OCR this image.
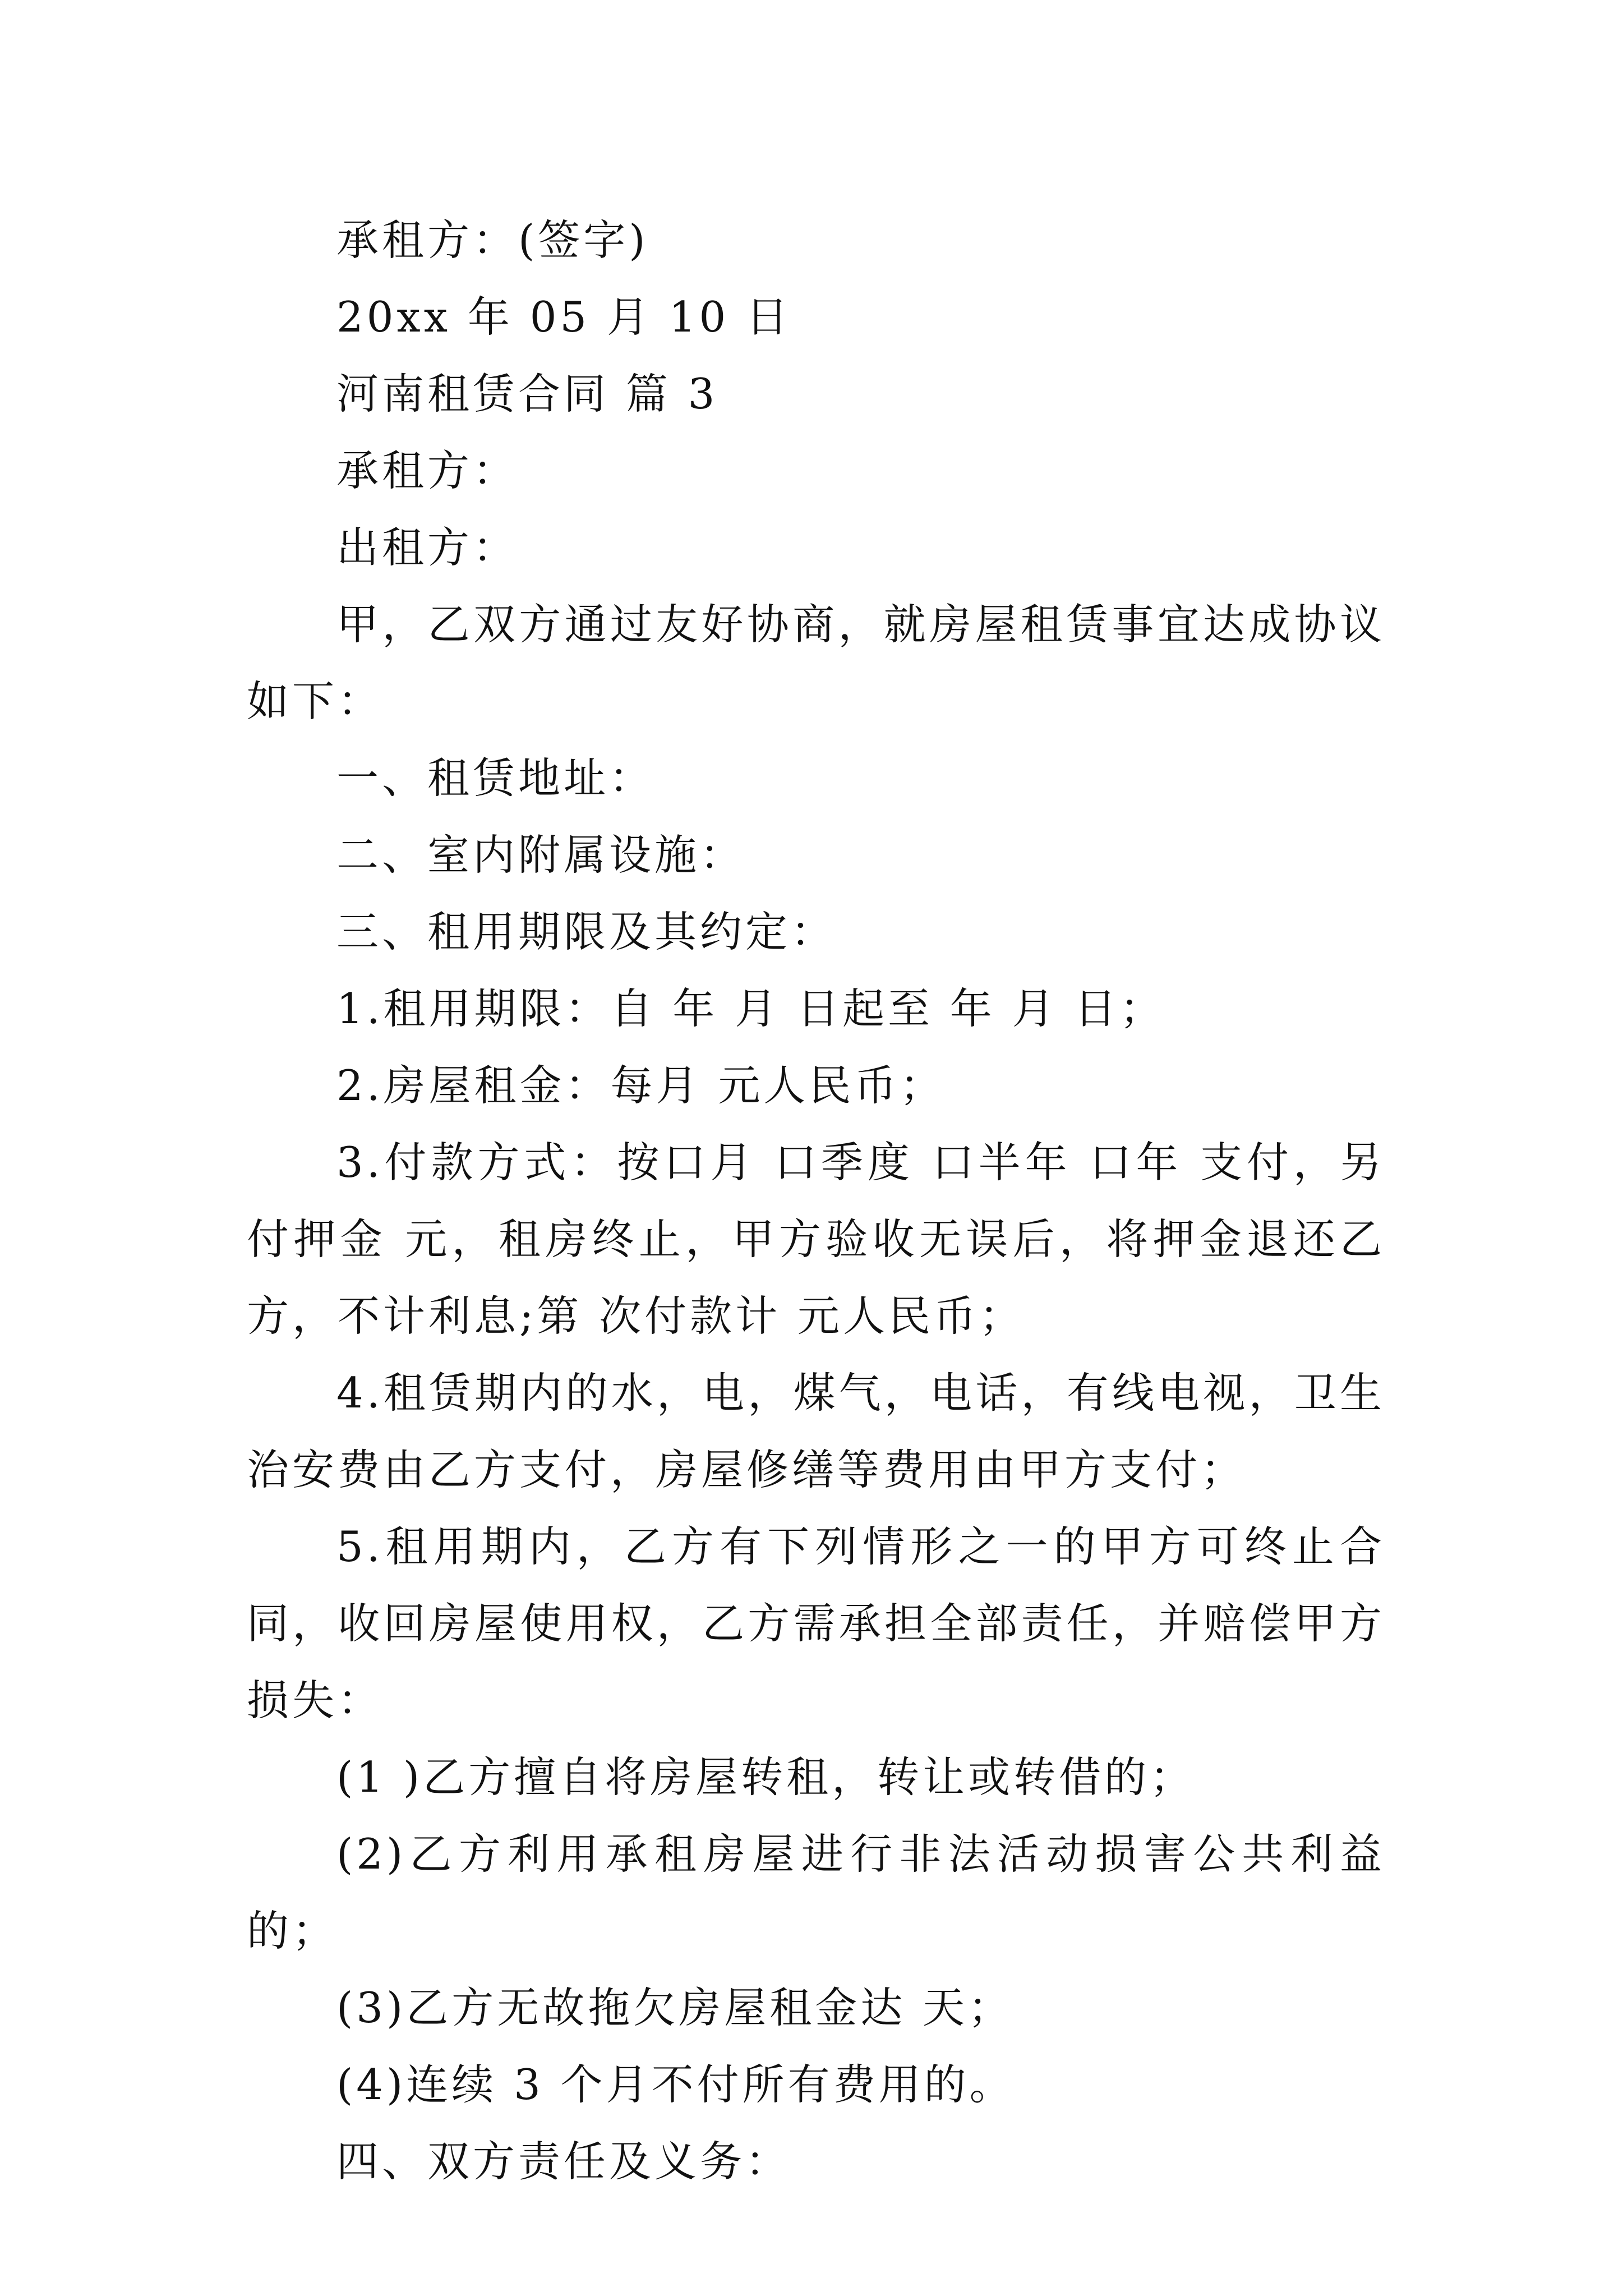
承租方：(签字)

20xx 年 05 月 10 日

河南租赁合同 篇 3

承租方：

出租方：

甲，乙双方通过友好协商，就房屋租赁事宜达成协议如下：

一、租赁地址：

二、室内附属设施：

三、租用期限及其约定：

1.租用期限：自 年 月 日起至 年 月 日；

2.房屋租金：每月 元人民币；

3.付款方式：按口月 口季度 口半年 口年 支付，另付押金 元，租房终止，甲方验收无误后，将押金退还乙方，不计利息;第 次付款计 元人民币；

4.租赁期内的水，电，煤气，电话，有线电视，卫生治安费由乙方支付，房屋修缮等费用由甲方支付；

5.租用期内，乙方有下列情形之一的甲方可终止合同，收回房屋使用权，乙方需承担全部责任，并赔偿甲方损失：

(1 )乙方擅自将房屋转租，转让或转借的；

(2)乙方利用承租房屋进行非法活动损害公共利益的；

(3)乙方无故拖欠房屋租金达 天；

(4)连续 3 个月不付所有费用的。

四、双方责任及义务：
